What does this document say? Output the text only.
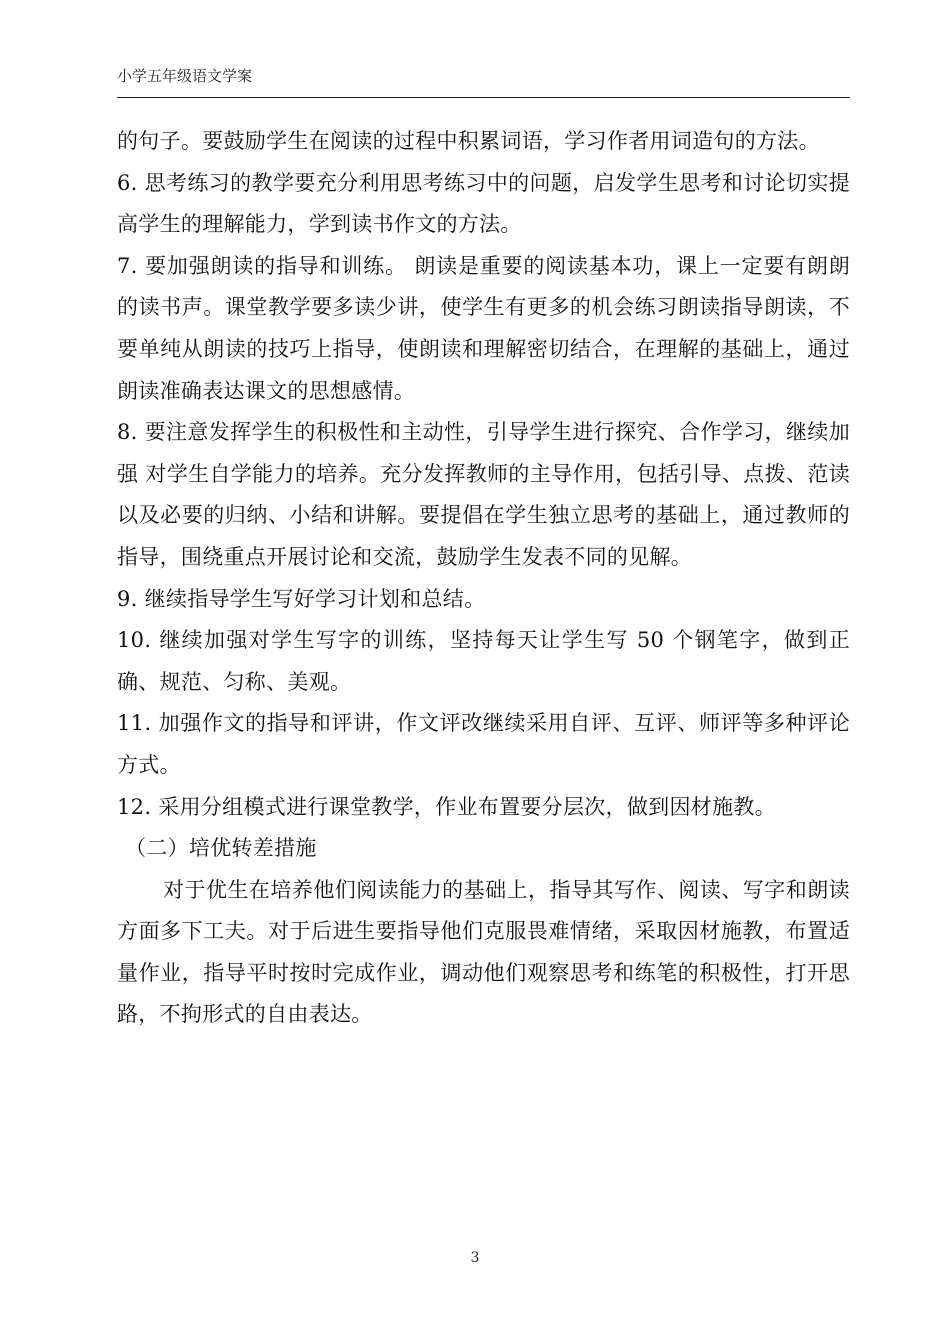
小学五年级语文学案

的句子。要鼓励学生在阅读的过程中积累词语，学习作者用词造句的方法。

6. 思考练习的教学要充分利用思考练习中的问题，启发学生思考和讨论切实提高学生的理解能力，学到读书作文的方法。

7. 要加强朗读的指导和训练。 朗读是重要的阅读基本功，课上一定要有朗朗的读书声。课堂教学要多读少讲，使学生有更多的机会练习朗读指导朗读，不要单纯从朗读的技巧上指导，使朗读和理解密切结合，在理解的基础上，通过朗读准确表达课文的思想感情。

8. 要注意发挥学生的积极性和主动性，引导学生进行探究、合作学习，继续加强 对学生自学能力的培养。充分发挥教师的主导作用，包括引导、点拨、范读以及必要的归纳、小结和讲解。要提倡在学生独立思考的基础上，通过教师的指导，围绕重点开展讨论和交流，鼓励学生发表不同的见解。

9. 继续指导学生写好学习计划和总结。

10. 继续加强对学生写字的训练，坚持每天让学生写 50 个钢笔字，做到正确、规范、匀称、美观。

11. 加强作文的指导和评讲，作文评改继续采用自评、互评、师评等多种评论方式。

12. 采用分组模式进行课堂教学，作业布置要分层次，做到因材施教。

（二）培优转差措施

对于优生在培养他们阅读能力的基础上，指导其写作、阅读、写字和朗读方面多下工夫。对于后进生要指导他们克服畏难情绪，采取因材施教，布置适量作业，指导平时按时完成作业，调动他们观察思考和练笔的积极性，打开思路，不拘形式的自由表达。

3
